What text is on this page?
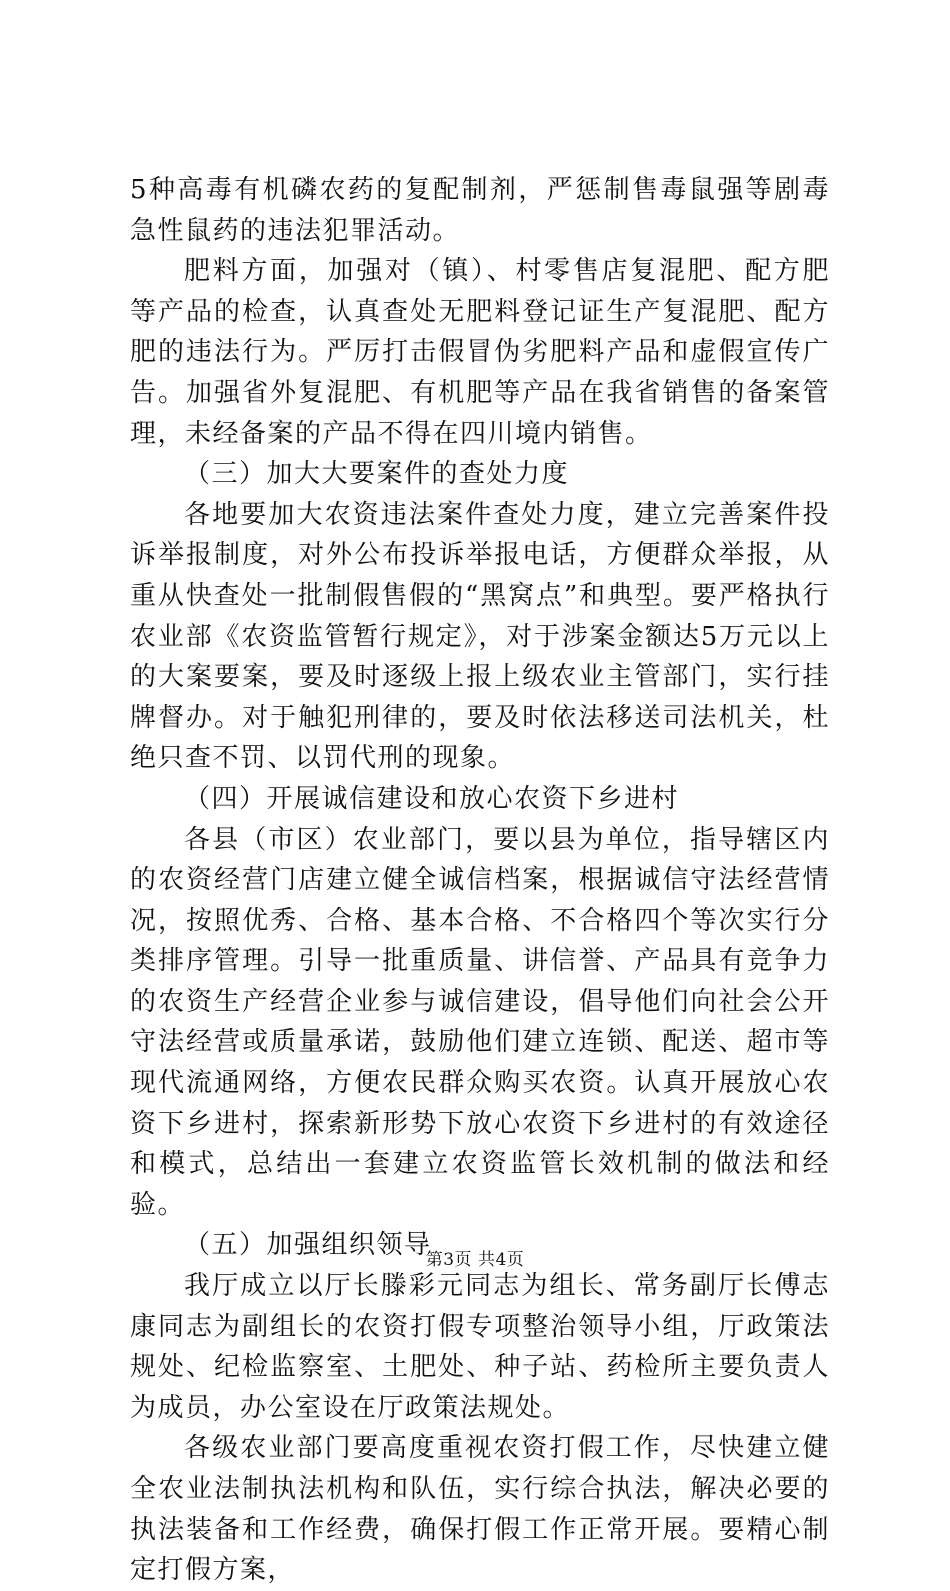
5种高毒有机磷农药的复配制剂，严惩制售毒鼠强等剧毒急性鼠药的违法犯罪活动。

肥料方面，加强对（镇）、村零售店复混肥、配方肥等产品的检查，认真查处无肥料登记证生产复混肥、配方肥的违法行为。严厉打击假冒伪劣肥料产品和虚假宣传广告。加强省外复混肥、有机肥等产品在我省销售的备案管理，未经备案的产品不得在四川境内销售。

（三）加大大要案件的查处力度

各地要加大农资违法案件查处力度，建立完善案件投诉举报制度，对外公布投诉举报电话，方便群众举报，从重从快查处一批制假售假的“黑窝点”和典型。要严格执行农业部《农资监管暂行规定》，对于涉案金额达5万元以上的大案要案，要及时逐级上报上级农业主管部门，实行挂牌督办。对于触犯刑律的，要及时依法移送司法机关，杜绝只查不罚、以罚代刑的现象。

（四）开展诚信建设和放心农资下乡进村

各县（市区）农业部门，要以县为单位，指导辖区内的农资经营门店建立健全诚信档案，根据诚信守法经营情况，按照优秀、合格、基本合格、不合格四个等次实行分类排序管理。引导一批重质量、讲信誉、产品具有竞争力的农资生产经营企业参与诚信建设，倡导他们向社会公开守法经营或质量承诺，鼓励他们建立连锁、配送、超市等现代流通网络，方便农民群众购买农资。认真开展放心农资下乡进村，探索新形势下放心农资下乡进村的有效途径和模式，总结出一套建立农资监管长效机制的做法和经验。

（五）加强组织领导

我厅成立以厅长滕彩元同志为组长、常务副厅长傅志康同志为副组长的农资打假专项整治领导小组，厅政策法规处、纪检监察室、土肥处、种子站、药检所主要负责人为成员，办公室设在厅政策法规处。

各级农业部门要高度重视农资打假工作，尽快建立健全农业法制执法机构和队伍，实行综合执法，解决必要的执法装备和工作经费，确保打假工作正常开展。要精心制定打假方案，

第3页 共4页
